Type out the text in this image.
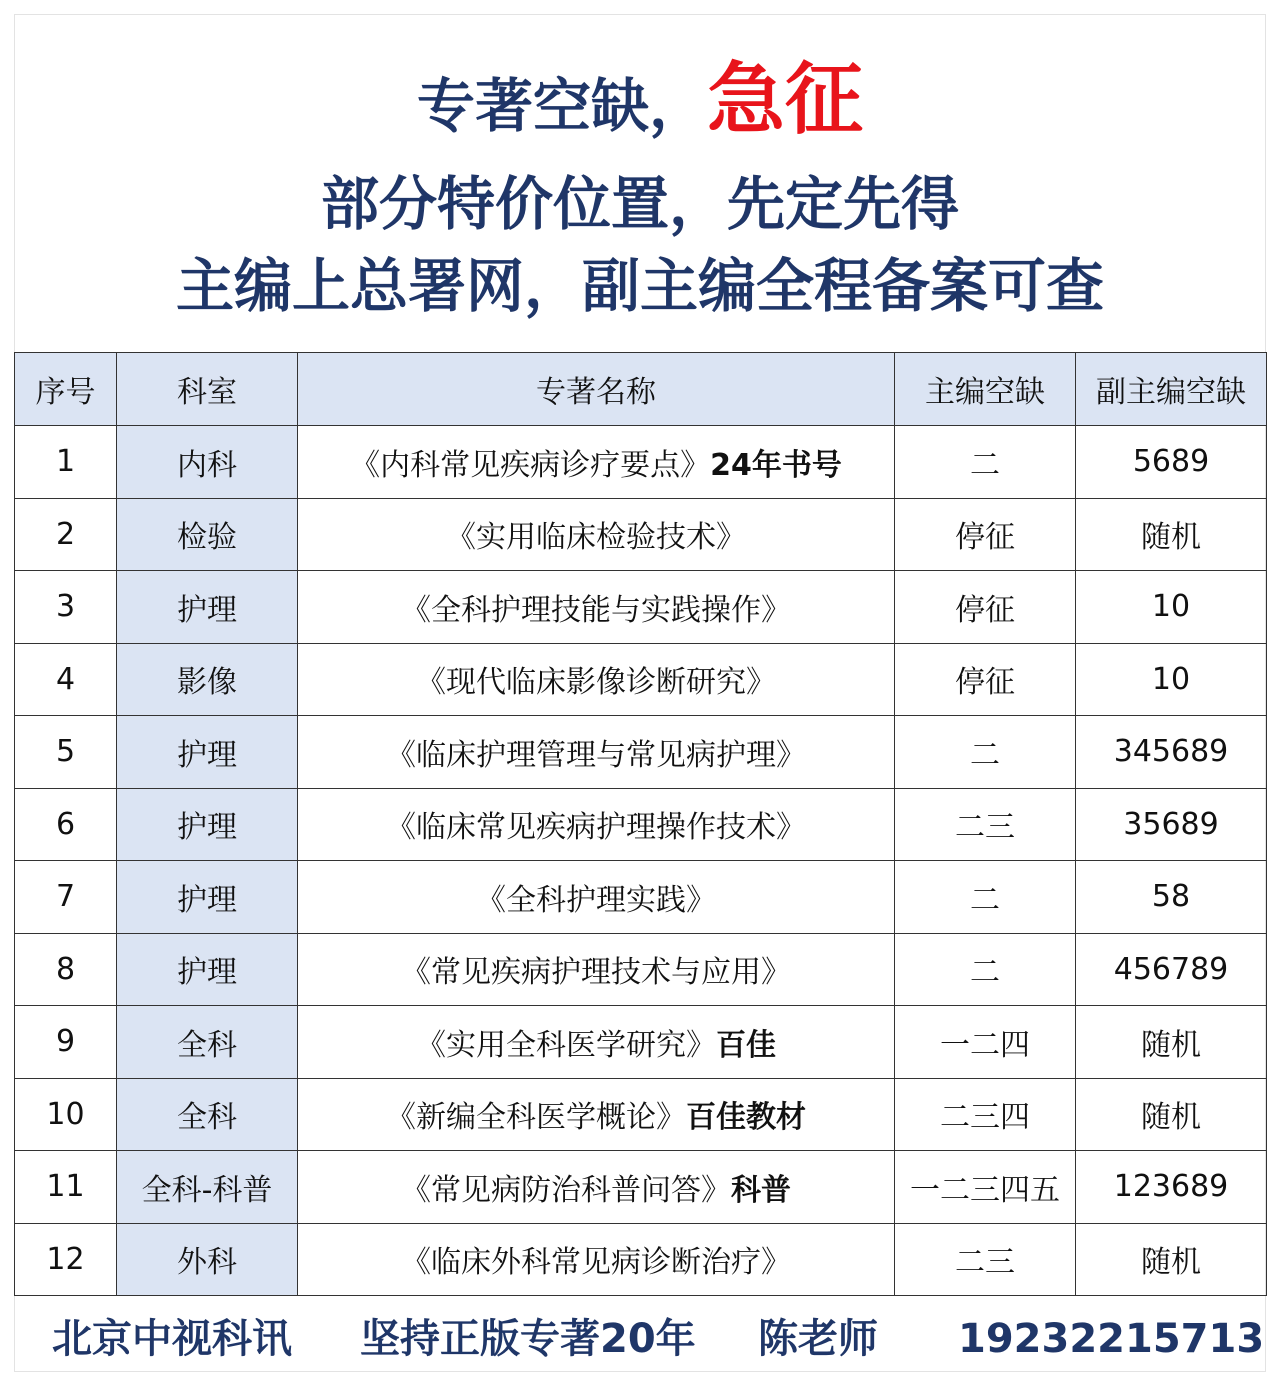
专著空缺，急征
部分特价位置，先定先得
主编上总署网，副主编全程备案可查
序号	科室	专著名称	主编空缺	副主编空缺
1	内科	《内科常见疾病诊疗要点》24年书号	二	5689
2	检验	《实用临床检验技术》	停征	随机
3	护理	《全科护理技能与实践操作》	停征	10
4	影像	《现代临床影像诊断研究》	停征	10
5	护理	《临床护理管理与常见病护理》	二	345689
6	护理	《临床常见疾病护理操作技术》	二三	35689
7	护理	《全科护理实践》	二	58
8	护理	《常见疾病护理技术与应用》	二	456789
9	全科	《实用全科医学研究》百佳	一二四	随机
10	全科	《新编全科医学概论》百佳教材	二三四	随机
11	全科-科普	《常见病防治科普问答》科普	一二三四五	123689
12	外科	《临床外科常见病诊断治疗》	二三	随机
北京中视科讯 坚持正版专著20年 陈老师 19232215713
